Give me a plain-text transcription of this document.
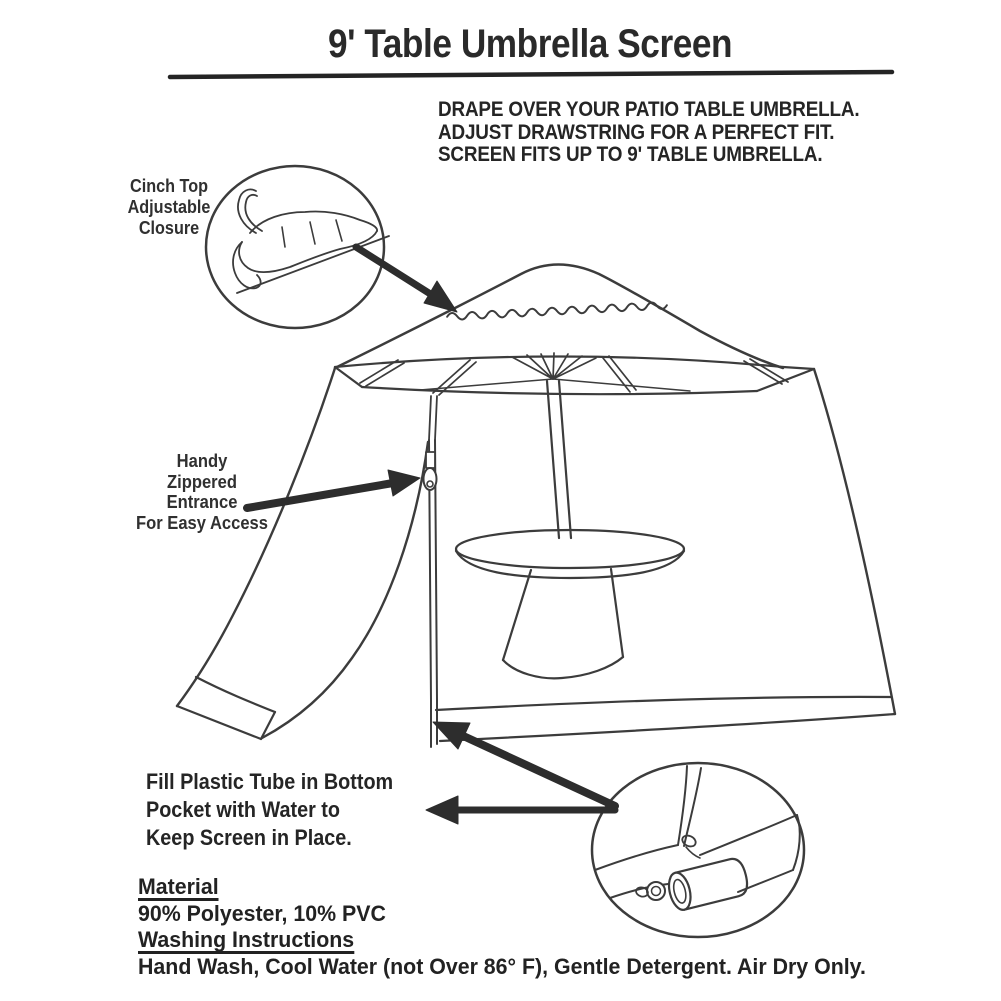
9' Table Umbrella Screen
DRAPE OVER YOUR PATIO TABLE UMBRELLA.
ADJUST DRAWSTRING FOR A PERFECT FIT.
SCREEN FITS UP TO 9' TABLE UMBRELLA.
Cinch Top
Adjustable
Closure
Handy
Zippered
Entrance
For Easy Access
Fill Plastic Tube in Bottom
Pocket with Water to
Keep Screen in Place.
Material
90% Polyester, 10% PVC
Washing Instructions
Hand Wash, Cool Water (not Over 86° F), Gentle Detergent. Air Dry Only.
